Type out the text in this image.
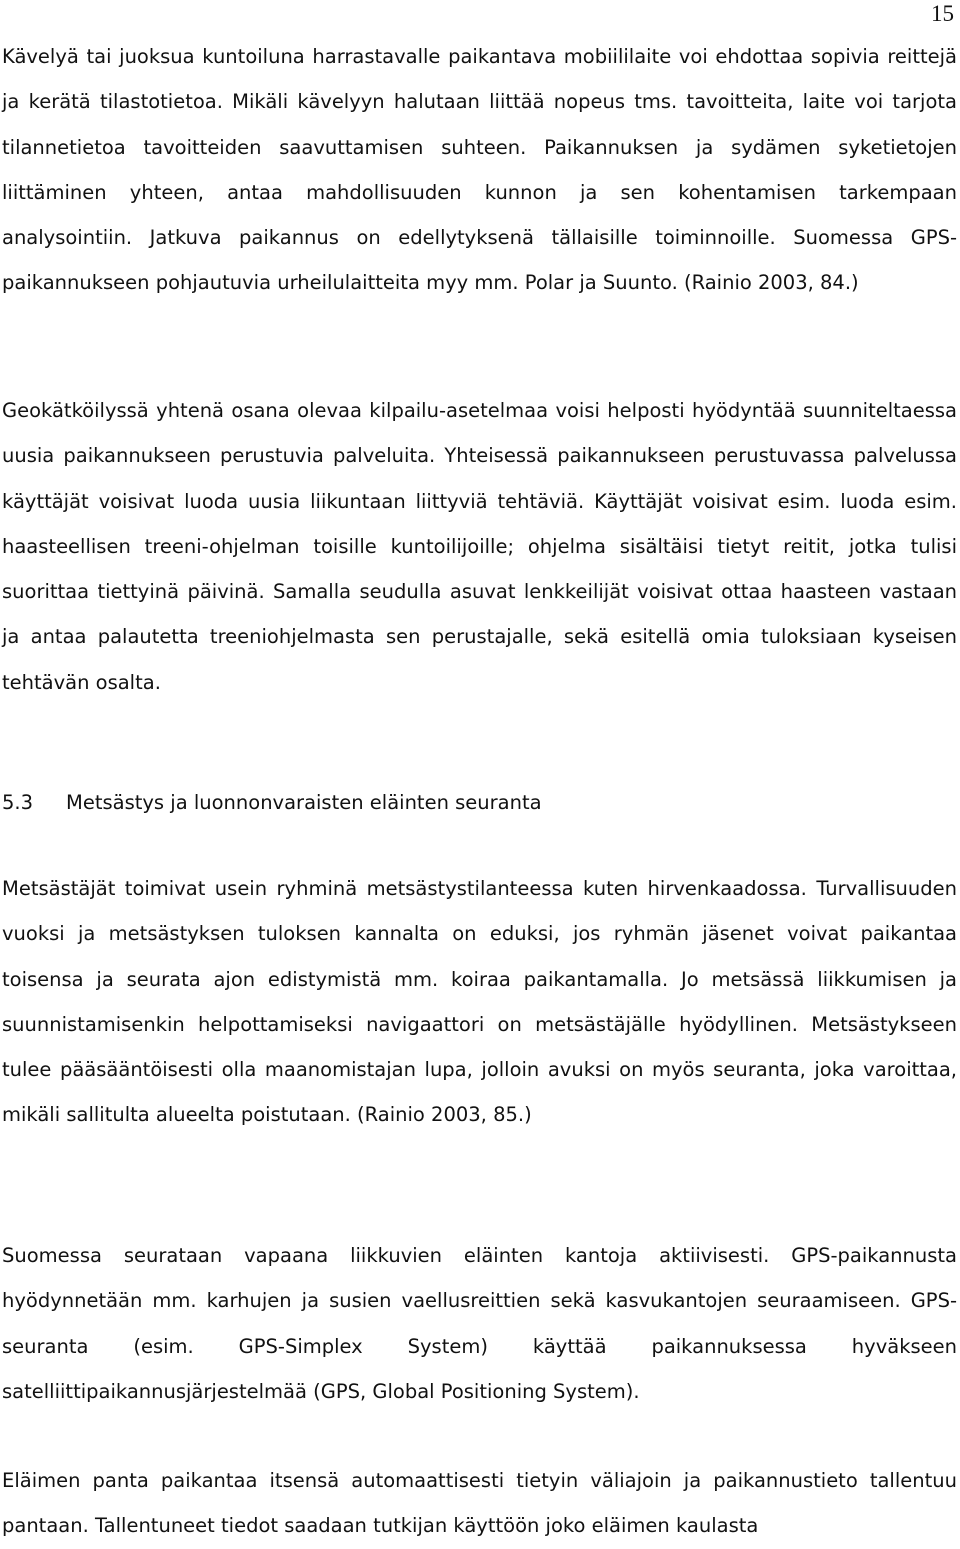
15

Kävelyä tai juoksua kuntoiluna harrastavalle paikantava mobiililaite voi ehdottaa sopivia reittejä ja kerätä tilastotietoa. Mikäli kävelyyn halutaan liittää nopeus tms. tavoitteita, laite voi tarjota tilannetietoa tavoitteiden saavuttamisen suhteen. Paikannuksen ja sydämen syketietojen liittäminen yhteen, antaa mahdollisuuden kunnon ja sen kohentamisen tarkempaan analysointiin. Jatkuva paikannus on edellytyksenä tällaisille toiminnoille. Suomessa GPS-paikannukseen pohjautuvia urheilulaitteita myy mm. Polar ja Suunto. (Rainio 2003, 84.)

Geokätköilyssä yhtenä osana olevaa kilpailu-asetelmaa voisi helposti hyödyntää suunniteltaessa uusia paikannukseen perustuvia palveluita. Yhteisessä paikannukseen perustuvassa palvelussa käyttäjät voisivat luoda uusia liikuntaan liittyviä tehtäviä. Käyttäjät voisivat esim. luoda esim. haasteellisen treeni-ohjelman toisille kuntoilijoille; ohjelma sisältäisi tietyt reitit, jotka tulisi suorittaa tiettyinä päivinä. Samalla seudulla asuvat lenkkeilijät voisivat ottaa haasteen vastaan ja antaa palautetta treeniohjelmasta sen perustajalle, sekä esitellä omia tuloksiaan kyseisen tehtävän osalta.

5.3 Metsästys ja luonnonvaraisten eläinten seuranta

Metsästäjät toimivat usein ryhminä metsästystilanteessa kuten hirvenkaadossa. Turvallisuuden vuoksi ja metsästyksen tuloksen kannalta on eduksi, jos ryhmän jäsenet voivat paikantaa toisensa ja seurata ajon edistymistä mm. koiraa paikantamalla. Jo metsässä liikkumisen ja suunnistamisenkin helpottamiseksi navigaattori on metsästäjälle hyödyllinen. Metsästykseen tulee pääsääntöisesti olla maanomistajan lupa, jolloin avuksi on myös seuranta, joka varoittaa, mikäli sallitulta alueelta poistutaan. (Rainio 2003, 85.)

Suomessa seurataan vapaana liikkuvien eläinten kantoja aktiivisesti. GPS-paikannusta hyödynnetään mm. karhujen ja susien vaellusreittien sekä kasvukantojen seuraamiseen. GPS-seuranta (esim. GPS-Simplex System) käyttää paikannuksessa hyväkseen satelliittipaikannusjärjestelmää (GPS, Global Positioning System).

Eläimen panta paikantaa itsensä automaattisesti tietyin väliajoin ja paikannustieto tallentuu pantaan. Tallentuneet tiedot saadaan tutkijan käyttöön joko eläimen kaulasta
